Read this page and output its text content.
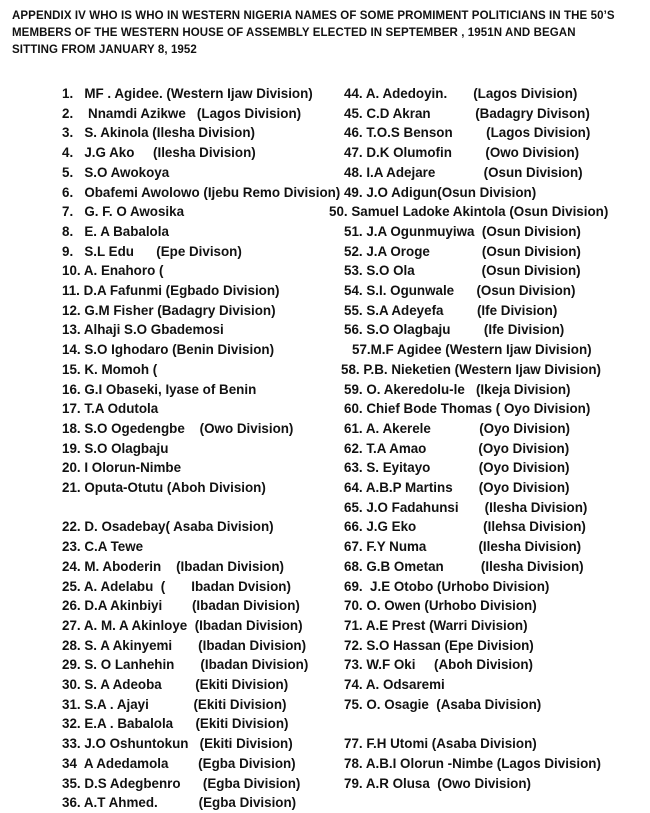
APPENDIX IV WHO IS WHO IN WESTERN NIGERIA NAMES OF SOME PROMIMENT POLITICIANS IN THE 50’S
MEMBERS OF THE WESTERN HOUSE OF ASSEMBLY ELECTED IN SEPTEMBER , 1951N AND BEGAN
SITTING FROM JANUARY 8, 1952
1.   MF . Agidee. (Western Ijaw Division)
2.    Nnamdi Azikwe   (Lagos Division)
3.   S. Akinola (Ilesha Division)
4.   J.G Ako     (Ilesha Division)
5.   S.O Awokoya
6.   Obafemi Awolowo (Ijebu Remo Division) 49. J.O Adigun(Osun Division)
7.   G. F. O Awosika
8.   E. A Babalola
9.   S.L Edu      (Epe Divison)
10. A. Enahoro (
11. D.A Fafunmi (Egbado Division)
12. G.M Fisher (Badagry Division)
13. Alhaji S.O Gbademosi
14. S.O Ighodaro (Benin Division)
15. K. Momoh (
16. G.I Obaseki, Iyase of Benin
17. T.A Odutola
18. S.O Ogedengbe    (Owo Division)
19. S.O Olagbaju
20. I Olorun-Nimbe
21. Oputa-Otutu (Aboh Division)
22. D. Osadebay( Asaba Division)
23. C.A Tewe
24. M. Aboderin    (Ibadan Division)
25. A. Adelabu  (       Ibadan Dvision)
26. D.A Akinbiyi        (Ibadan Division)
27. A. M. A Akinloye  (Ibadan Division)
28. S. A Akinyemi       (Ibadan Division)
29. S. O Lanhehin       (Ibadan Division)
30. S. A Adeoba         (Ekiti Division)
31. S.A . Ajayi            (Ekiti Division)
32. E.A . Babalola      (Ekiti Division)
33. J.O Oshuntokun   (Ekiti Division)
34  A Adedamola        (Egba Division)
35. D.S Adegbenro      (Egba Division)
36. A.T Ahmed.           (Egba Division)
44. A. Adedoyin.       (Lagos Division)
45. C.D Akran            (Badagry Divison)
46. T.O.S Benson         (Lagos Division)
47. D.K Olumofin         (Owo Division)
48. I.A Adejare             (Osun Division)
50. Samuel Ladoke Akintola (Osun Division)
51. J.A Ogunmuyiwa  (Osun Division)
52. J.A Oroge              (Osun Division)
53. S.O Ola                  (Osun Division)
54. S.I. Ogunwale      (Osun Division)
55. S.A Adeyefa         (Ife Division)
56. S.O Olagbaju         (Ife Division)
57.M.F Agidee (Western Ijaw Division)
58. P.B. Nieketien (Western Ijaw Division)
59. O. Akeredolu-le   (Ikeja Division)
60. Chief Bode Thomas ( Oyo Division)
61. A. Akerele             (Oyo Division)
62. T.A Amao              (Oyo Division)
63. S. Eyitayo             (Oyo Division)
64. A.B.P Martins       (Oyo Division)
65. J.O Fadahunsi       (Ilesha Division)
66. J.G Eko                  (Ilehsa Division)
67. F.Y Numa              (Ilesha Division)
68. G.B Ometan          (Ilesha Division)
69.  J.E Otobo (Urhobo Division)
70. O. Owen (Urhobo Division)
71. A.E Prest (Warri Division)
72. S.O Hassan (Epe Division)
73. W.F Oki     (Aboh Division)
74. A. Odsaremi
75. O. Osagie  (Asaba Division)
77. F.H Utomi (Asaba Division)
78. A.B.I Olorun -Nimbe (Lagos Division)
79. A.R Olusa  (Owo Division)
